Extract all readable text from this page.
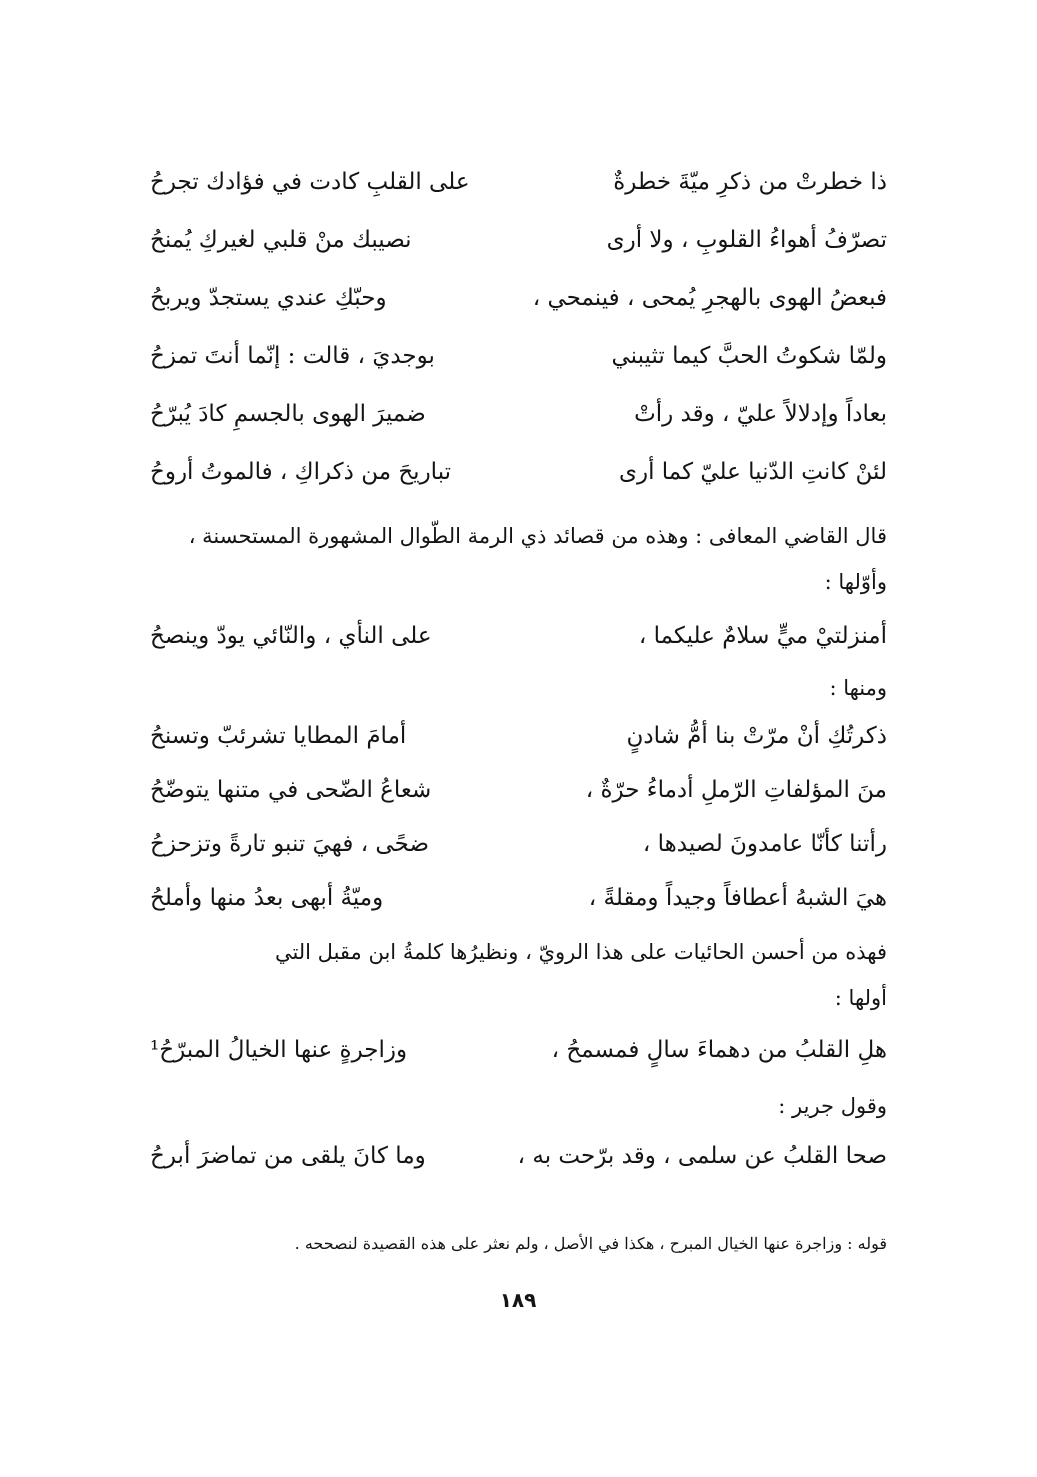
ذا خطرتْ من ذكرِ ميّةَ خطرةٌ
على القلبِ كادت في فؤادك تجرحُ
تصرّفُ أهواءُ القلوبِ ، ولا أرى
نصيبك منْ قلبي لغيركِ يُمنحُ
فبعضُ الهوى بالهجرِ يُمحى ، فينمحي ،
وحبّكِ عندي يستجدّ ويربحُ
ولمّا شكوتُ الحبَّ كيما تثيبني
بوجديَ ، قالت : إنّما أنتَ تمزحُ
بعاداً وإدلالاً عليّ ، وقد رأتْ
ضميرَ الهوى بالجسمِ كادَ يُبرّحُ
لئنْ كانتِ الدّنيا عليّ كما أرى
تباريحَ من ذكراكِ ، فالموتُ أروحُ
قال القاضي المعافى : وهذه من قصائد ذي الرمة الطّوال المشهورة المستحسنة ،
وأوّلها :
أمنزلتيْ ميٍّ سلامٌ عليكما ،
على النأي ، والنّائي يودّ وينصحُ
ومنها :
ذكرتُكِ أنْ مرّتْ بنا أمُّ شادنٍ
أمامَ المطايا تشرئبّ وتسنحُ
منَ المؤلفاتِ الرّملِ أدماءُ حرّةٌ ،
شعاعُ الضّحى في متنها يتوضّحُ
رأتنا كأنّا عامدونَ لصيدها ،
ضحًى ، فهيَ تنبو تارةً وتزحزحُ
هيَ الشبهُ أعطافاً وجيداً ومقلةً ،
وميّةُ أبهى بعدُ منها وأملحُ
فهذه من أحسن الحائيات على هذا الرويّ ، ونظيرُها كلمةُ ابن مقبل التي
أولها :
هلِ القلبُ من دهماءَ سالٍ فمسمحُ ،
وزاجرةٍ عنها الخيالُ المبرّحُ¹
وقول جرير :
صحا القلبُ عن سلمى ، وقد برّحت به ،
وما كانَ يلقى من تماضرَ أبرحُ
قوله : وزاجرة عنها الخيال المبرح ، هكذا في الأصل ، ولم نعثر على هذه القصيدة لنصححه .
١٨٩
